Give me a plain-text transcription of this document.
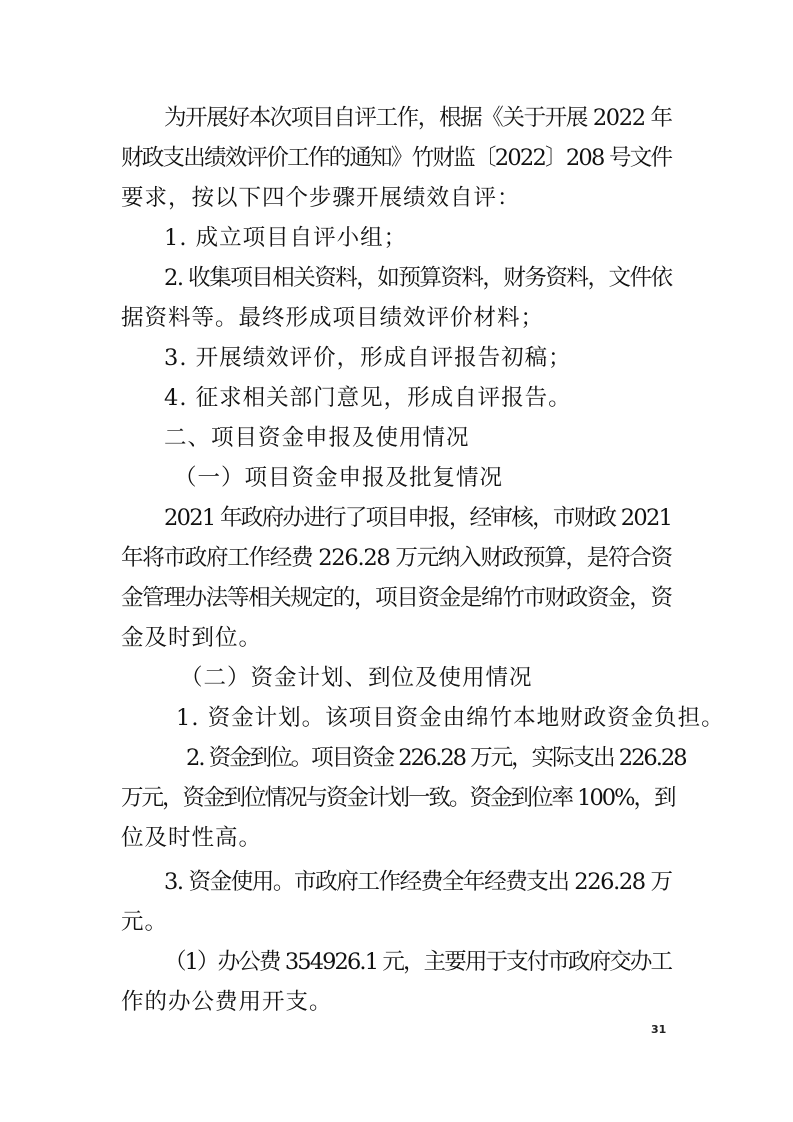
为开展好本次项目自评工作，根据《关于开展 2022 年
财政支出绩效评价工作的通知》竹财监〔2022〕208 号文件
要求，按以下四个步骤开展绩效自评：
1. 成立项目自评小组；
2. 收集项目相关资料，如预算资料，财务资料，文件依
据资料等。最终形成项目绩效评价材料；
3. 开展绩效评价，形成自评报告初稿；
4. 征求相关部门意见，形成自评报告。
二、项目资金申报及使用情况
（一）项目资金申报及批复情况
2021 年政府办进行了项目申报，经审核，市财政 2021
年将市政府工作经费 226.28 万元纳入财政预算，是符合资
金管理办法等相关规定的，项目资金是绵竹市财政资金，资
金及时到位。
（二）资金计划、到位及使用情况
1. 资金计划。该项目资金由绵竹本地财政资金负担。
2. 资金到位。项目资金 226.28 万元，实际支出 226.28
万元，资金到位情况与资金计划一致。资金到位率 100%，到
位及时性高。
3. 资金使用。市政府工作经费全年经费支出 226.28 万
元。
（1）办公费 354926.1 元，主要用于支付市政府交办工
作的办公费用开支。
31
